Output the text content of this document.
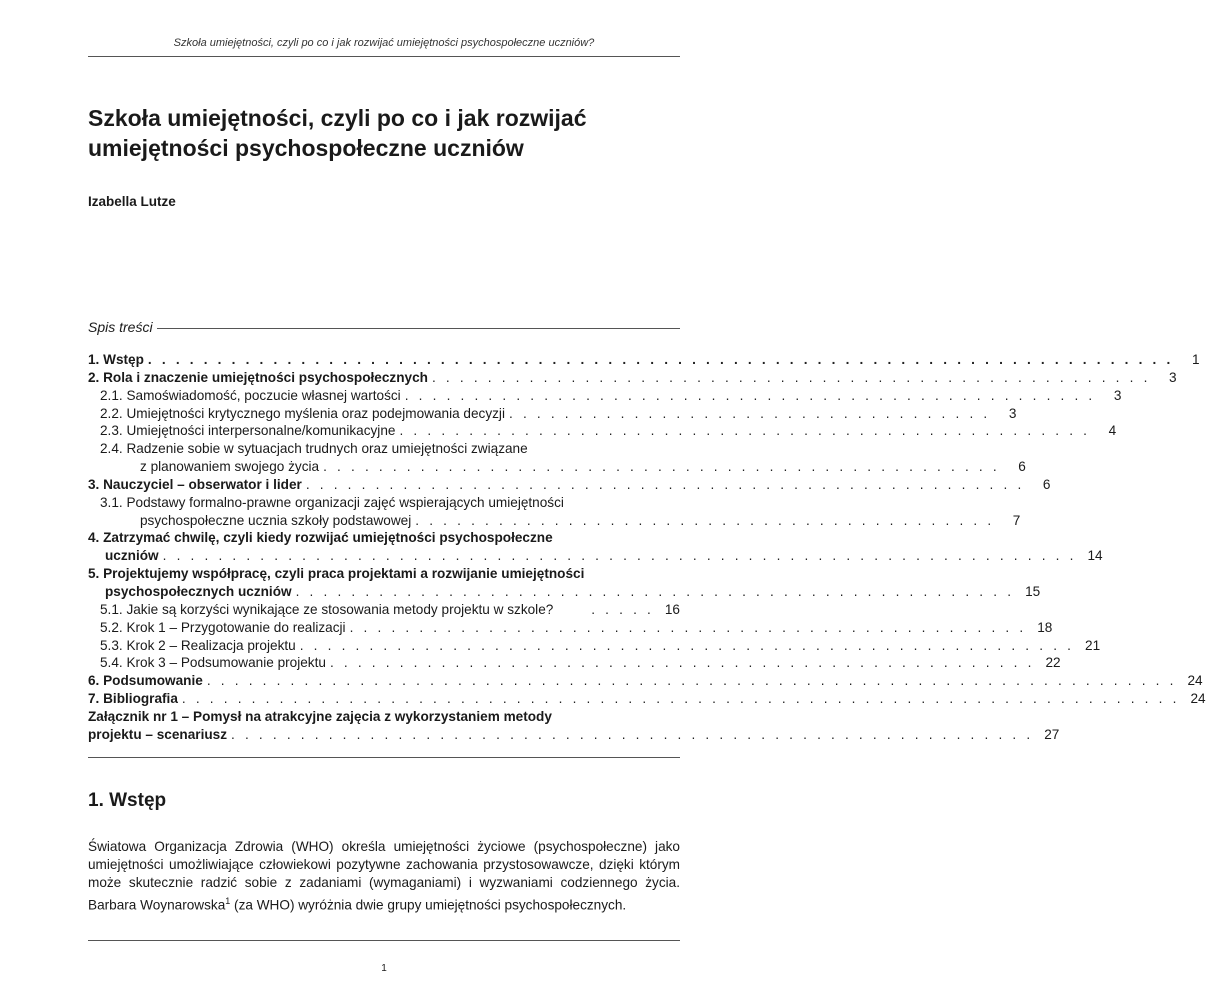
Szkoła umiejętności, czyli po co i jak rozwijać umiejętności psychospołeczne uczniów?
Szkoła umiejętności, czyli po co i jak rozwijać
umiejętności psychospołeczne uczniów
Izabella Lutze
Spis treści
1. Wstęp . . . . . . . . . . . . . . . . . . . . . . . . . . . . . . . . . . . . . . . . . . . . . . . . . . . . . . . . . . . . . . . . . . . . . . . . . .	1
2. Rola i znaczenie umiejętności psychospołecznych . . . . . . . . . . . . . . . . . . . . . . . . . . . . . . . . . . . . . . . . . . . . . . . . . . . .	3
2.1. Samoświadomość, poczucie własnej wartości . . . . . . . . . . . . . . . . . . . . . . . . . . . . . . . . . . . . . . . . . . . . . . . . . .	3
2.2. Umiejętności krytycznego myślenia oraz podejmowania decyzji . . . . . . . . . . . . . . . . . . . . . . . . . . . . . . . . . . .	3
2.3. Umiejętności interpersonalne/komunikacyjne . . . . . . . . . . . . . . . . . . . . . . . . . . . . . . . . . . . . . . . . . . . . . . . . . .	4
2.4. Radzenie sobie w sytuacjach trudnych oraz umiejętności związane
z planowaniem swojego życia . . . . . . . . . . . . . . . . . . . . . . . . . . . . . . . . . . . . . . . . . . . . . . . . .	6
3. Nauczyciel – obserwator i lider . . . . . . . . . . . . . . . . . . . . . . . . . . . . . . . . . . . . . . . . . . . . . . . . . . . .	6
3.1. Podstawy formalno-prawne organizacji zajęć wspierających umiejętności
psychospołeczne ucznia szkoły podstawowej . . . . . . . . . . . . . . . . . . . . . . . . . . . . . . . . . . . . . . . . . .	7
4. Zatrzymać chwilę, czyli kiedy rozwijać umiejętności psychospołeczne
uczniów . . . . . . . . . . . . . . . . . . . . . . . . . . . . . . . . . . . . . . . . . . . . . . . . . . . . . . . . . . . . . . . . . . 14
5. Projektujemy współpracę, czyli praca projektami a rozwijanie umiejętności
psychospołecznych uczniów . . . . . . . . . . . . . . . . . . . . . . . . . . . . . . . . . . . . . . . . . . . . . . . . . . . . 15
5.1. Jakie są korzyści wynikające ze stosowania metody projektu w szkole?	. . . . . 16
5.2. Krok 1 – Przygotowanie do realizacji . . . . . . . . . . . . . . . . . . . . . . . . . . . . . . . . . . . . . . . . . . . . . . . . . 18
5.3. Krok 2 – Realizacja projektu . . . . . . . . . . . . . . . . . . . . . . . . . . . . . . . . . . . . . . . . . . . . . . . . . . . . . . . . 21
5.4. Krok 3 – Podsumowanie projektu . . . . . . . . . . . . . . . . . . . . . . . . . . . . . . . . . . . . . . . . . . . . . . . . . . . 22
6. Podsumowanie . . . . . . . . . . . . . . . . . . . . . . . . . . . . . . . . . . . . . . . . . . . . . . . . . . . . . . . . . . . . . . . . . . . . . . 24
7. Bibliografia . . . . . . . . . . . . . . . . . . . . . . . . . . . . . . . . . . . . . . . . . . . . . . . . . . . . . . . . . . . . . . . . . . . . . . . . 24
Załącznik nr 1 – Pomysł na atrakcyjne zajęcia z wykorzystaniem metody
projektu – scenariusz . . . . . . . . . . . . . . . . . . . . . . . . . . . . . . . . . . . . . . . . . . . . . . . . . . . . . . . . . . 27
1. Wstęp

Światowa Organizacja Zdrowia (WHO) określa umiejętności życiowe (psychospołeczne) jako umiejętności umożliwiające człowiekowi pozytywne zachowania przystosowawcze, dzięki którym może skutecznie radzić sobie z zadaniami (wymaganiami) i wyzwaniami codziennego życia. Barbara Woynarowska$^1$ (za WHO) wyróżnia dwie grupy umiejętności psychospołecznych.

1
